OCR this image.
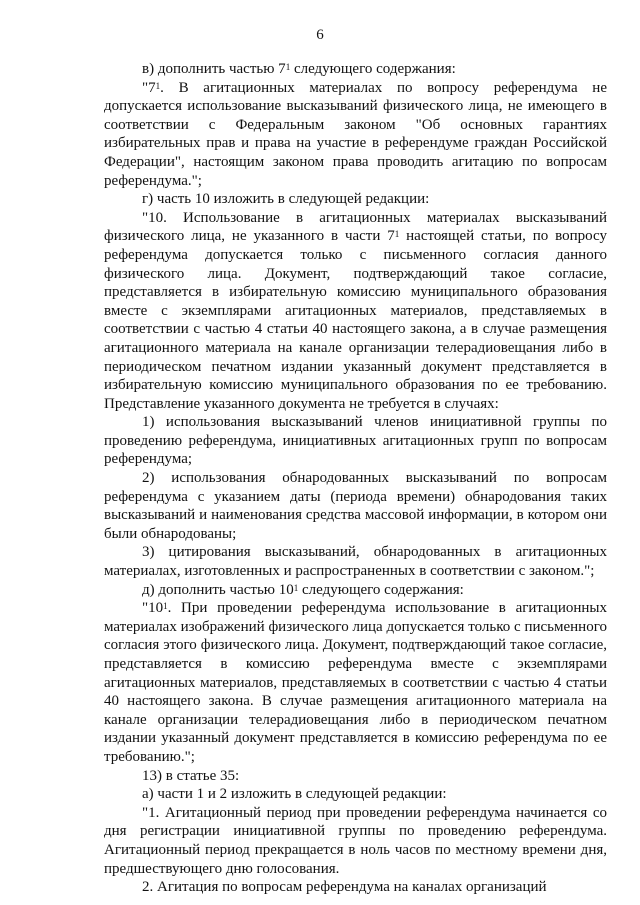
6

в) дополнить частью $7^1$ следующего содержания:

"$7^1$. В агитационных материалах по вопросу референдума не допускается использование высказываний физического лица, не имеющего в соответствии с Федеральным законом "Об основных гарантиях избирательных прав и права на участие в референдуме граждан Российской Федерации", настоящим законом права проводить агитацию по вопросам референдума.";

г) часть 10 изложить в следующей редакции:

"10. Использование в агитационных материалах высказываний физического лица, не указанного в части $7^1$ настоящей статьи, по вопросу референдума допускается только с письменного согласия данного физического лица. Документ, подтверждающий такое согласие, представляется в избирательную комиссию муниципального образования вместе с экземплярами агитационных материалов, представляемых в соответствии с частью 4 статьи 40 настоящего закона, а в случае размещения агитационного материала на канале организации телерадиовещания либо в периодическом печатном издании указанный документ представляется в избирательную комиссию муниципального образования по ее требованию. Представление указанного документа не требуется в случаях:

1) использования высказываний членов инициативной группы по проведению референдума, инициативных агитационных групп по вопросам референдума;

2) использования обнародованных высказываний по вопросам референдума с указанием даты (периода времени) обнародования таких высказываний и наименования средства массовой информации, в котором они были обнародованы;

3) цитирования высказываний, обнародованных в агитационных материалах, изготовленных и распространенных в соответствии с законом.";

д) дополнить частью $10^1$ следующего содержания:

"$10^1$. При проведении референдума использование в агитационных материалах изображений физического лица допускается только с письменного согласия этого физического лица. Документ, подтверждающий такое согласие, представляется в комиссию референдума вместе с экземплярами агитационных материалов, представляемых в соответствии с частью 4 статьи 40 настоящего закона. В случае размещения агитационного материала на канале организации телерадиовещания либо в периодическом печатном издании указанный документ представляется в комиссию референдума по ее требованию.";

13) в статье 35:

а) части 1 и 2 изложить в следующей редакции:

"1. Агитационный период при проведении референдума начинается со дня регистрации инициативной группы по проведению референдума. Агитационный период прекращается в ноль часов по местному времени дня, предшествующего дню голосования.

2. Агитация по вопросам референдума на каналах организаций
